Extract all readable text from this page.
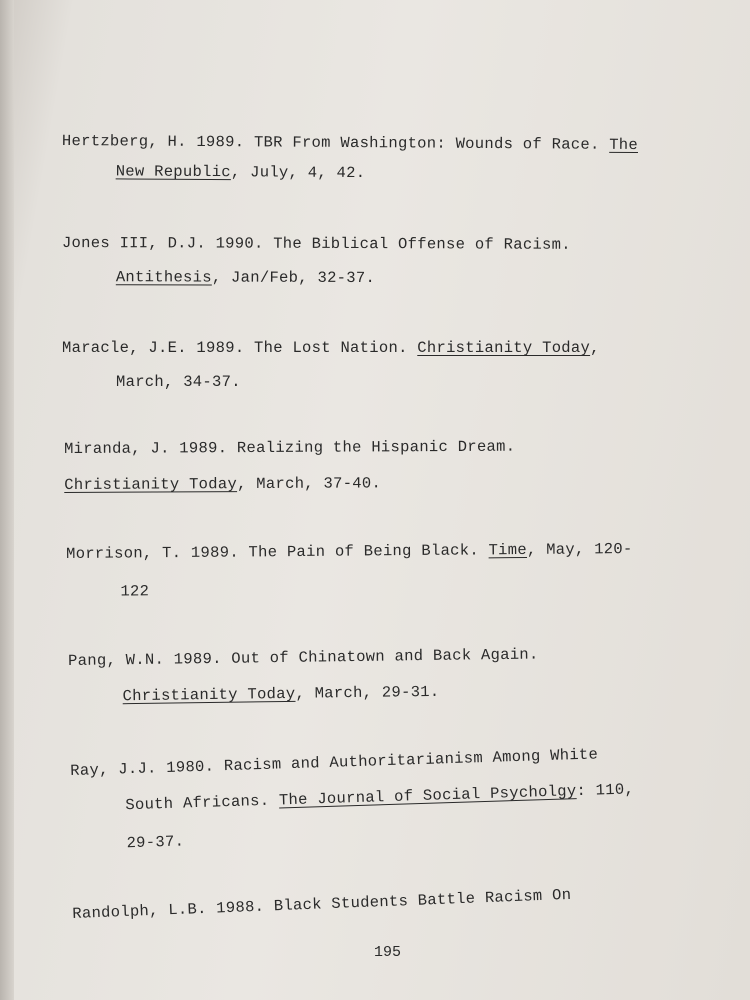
Hertzberg, H. 1989. TBR From Washington: Wounds of Race. The
New Republic, July, 4, 42.
Jones III, D.J. 1990. The Biblical Offense of Racism.
Antithesis, Jan/Feb, 32-37.
Maracle, J.E. 1989. The Lost Nation. Christianity Today,
March, 34-37.
Miranda, J. 1989. Realizing the Hispanic Dream.
Christianity Today, March, 37-40.
Morrison, T. 1989. The Pain of Being Black. Time, May, 120-
122
Pang, W.N. 1989. Out of Chinatown and Back Again.
Christianity Today, March, 29-31.
Ray, J.J. 1980. Racism and Authoritarianism Among White
South Africans. The Journal of Social Psycholgy: 110,
29-37.
Randolph, L.B. 1988. Black Students Battle Racism On
195
